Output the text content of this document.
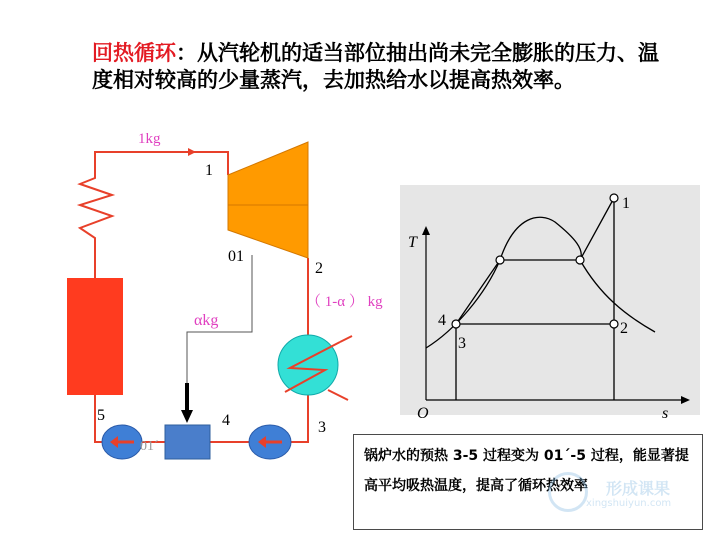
回热循环：从汽轮机的适当部位抽出尚未完全膨胀的压力、温度相对较高的少量蒸汽，去加热给水以提高热效率。
1kg
1
01
2
αkg
（ 1-α ） kg
5	4	3
01´
T
s
O
1
2
3
4
锅炉水的预热 3-5 过程变为 01´-5 过程，能显著提高平均吸热温度，提高了循环热效率	形成课果
xingshuiyun.com
